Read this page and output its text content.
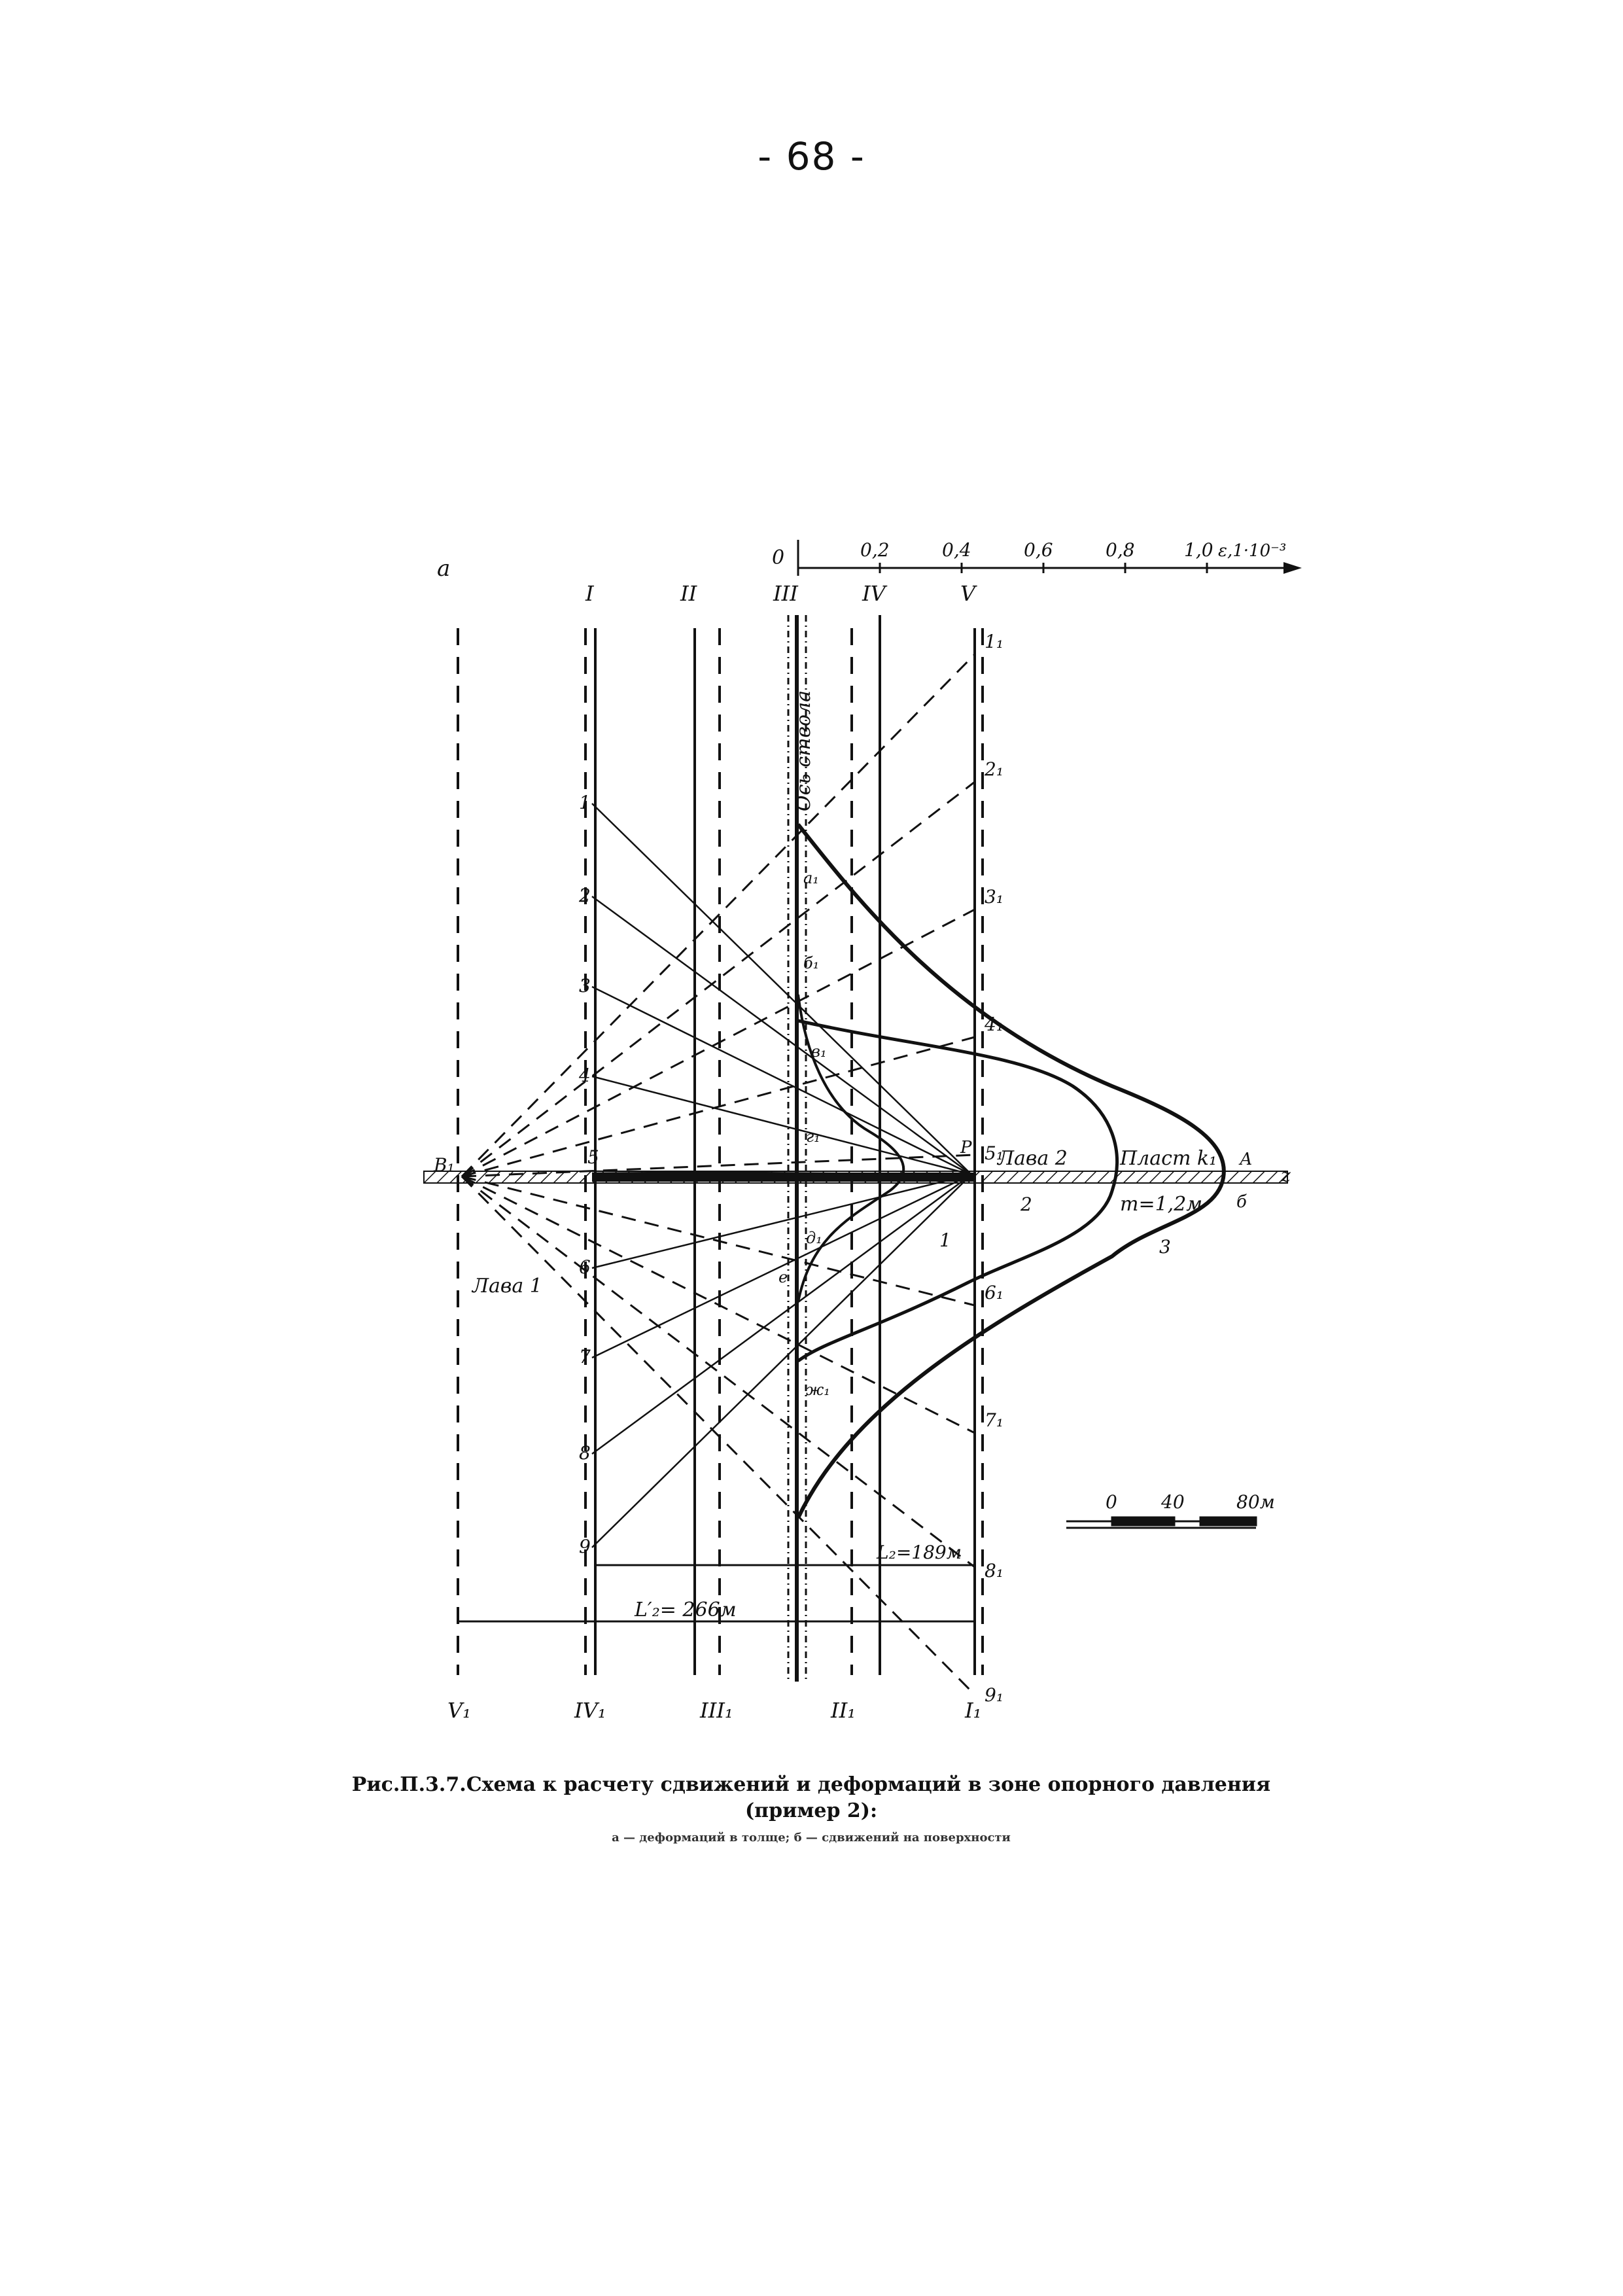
- 68 -
a	0	0,2	0,4	0,6	0,8	1,0 ε,1·10⁻³
0 40	80м
L₂=189м
L′₂= 266м
I	II	III	IV	V
V₁	IV₁	III₁	II₁	I₁
Ось ствола
1
2
3
4
5
6
7
8
9
1₁
2₁
3₁
4₁
5₁
6₁
7₁
8₁
9₁
В₁
Р
z
А
б
а₁
б₁
в₁
г₁
д₁
е
ж₁
Лава 1
Лава 2	Пласт k₁
m=1,2м
1
2
3
Рис.П.3.7.Схема к расчету сдвижений и деформаций в зоне опорного давления
(пример 2):
а — деформаций в толще; б — сдвижений на поверхности
